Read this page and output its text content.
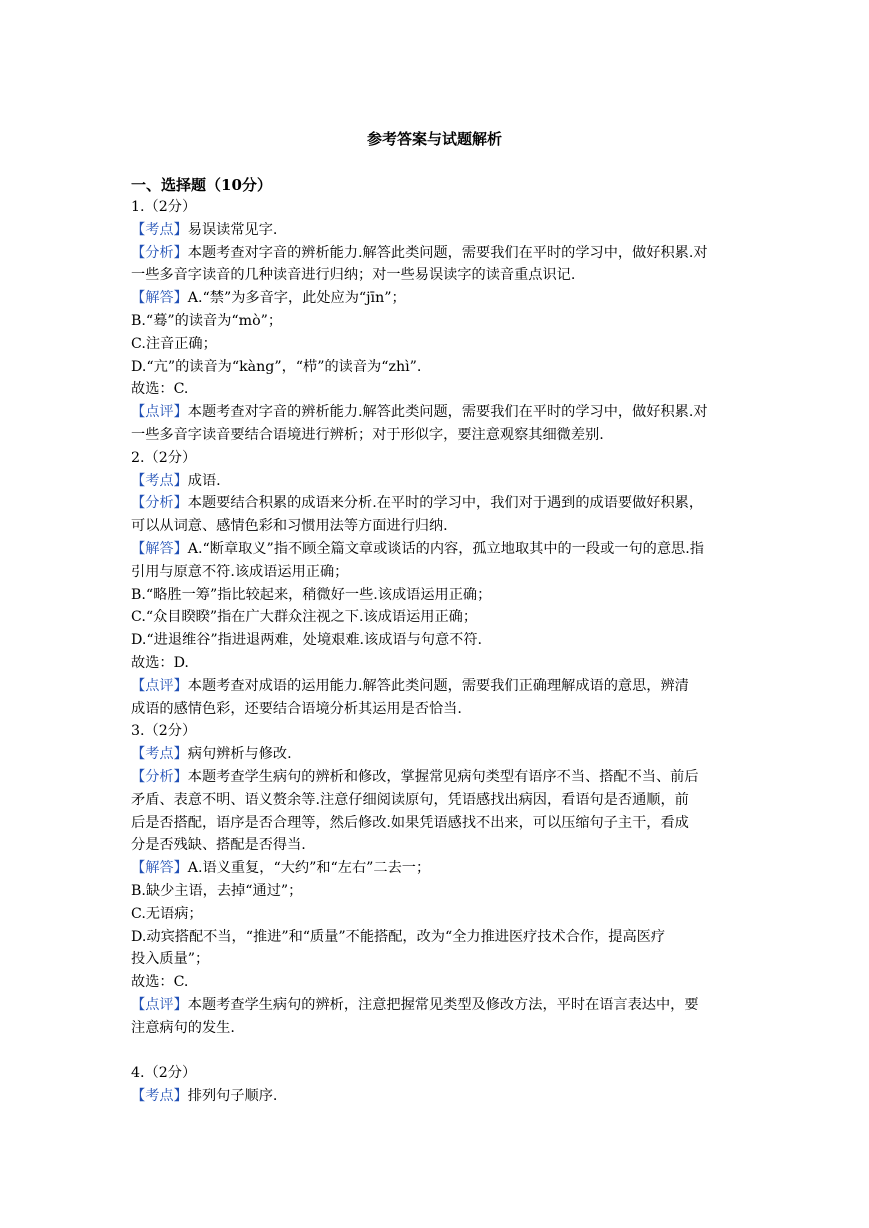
参考答案与试题解析
一、选择题（10分）
1.（2分）
【考点】易误读常见字.
【分析】本题考查对字音的辨析能力.解答此类问题，需要我们在平时的学习中，做好积累.对
一些多音字读音的几种读音进行归纳；对一些易误读字的读音重点识记.
【解答】A.“禁”为多音字，此处应为“jīn”；
B.“蓦”的读音为“mò”；
C.注音正确；
D.“亢”的读音为“kàng”，“栉”的读音为“zhì”.
故选：C.
【点评】本题考查对字音的辨析能力.解答此类问题，需要我们在平时的学习中，做好积累.对
一些多音字读音要结合语境进行辨析；对于形似字，要注意观察其细微差别.
2.（2分）
【考点】成语.
【分析】本题要结合积累的成语来分析.在平时的学习中，我们对于遇到的成语要做好积累，
可以从词意、感情色彩和习惯用法等方面进行归纳.
【解答】A.“断章取义”指不顾全篇文章或谈话的内容，孤立地取其中的一段或一句的意思.指
引用与原意不符.该成语运用正确；
B.“略胜一筹”指比较起来，稍微好一些.该成语运用正确；
C.“众目睽睽”指在广大群众注视之下.该成语运用正确；
D.“进退维谷”指进退两难，处境艰难.该成语与句意不符.
故选：D.
【点评】本题考查对成语的运用能力.解答此类问题，需要我们正确理解成语的意思，辨清
成语的感情色彩，还要结合语境分析其运用是否恰当.
3.（2分）
【考点】病句辨析与修改.
【分析】本题考查学生病句的辨析和修改，掌握常见病句类型有语序不当、搭配不当、前后
矛盾、表意不明、语义赘余等.注意仔细阅读原句，凭语感找出病因，看语句是否通顺，前
后是否搭配，语序是否合理等，然后修改.如果凭语感找不出来，可以压缩句子主干，看成
分是否残缺、搭配是否得当.
【解答】A.语义重复，“大约”和“左右”二去一；
B.缺少主语，去掉“通过”；
C.无语病；
D.动宾搭配不当，“推进”和“质量”不能搭配，改为“全力推进医疗技术合作，提高医疗
投入质量”；
故选：C.
【点评】本题考查学生病句的辨析，注意把握常见类型及修改方法，平时在语言表达中，要
注意病句的发生.
4.（2分）
【考点】排列句子顺序.
